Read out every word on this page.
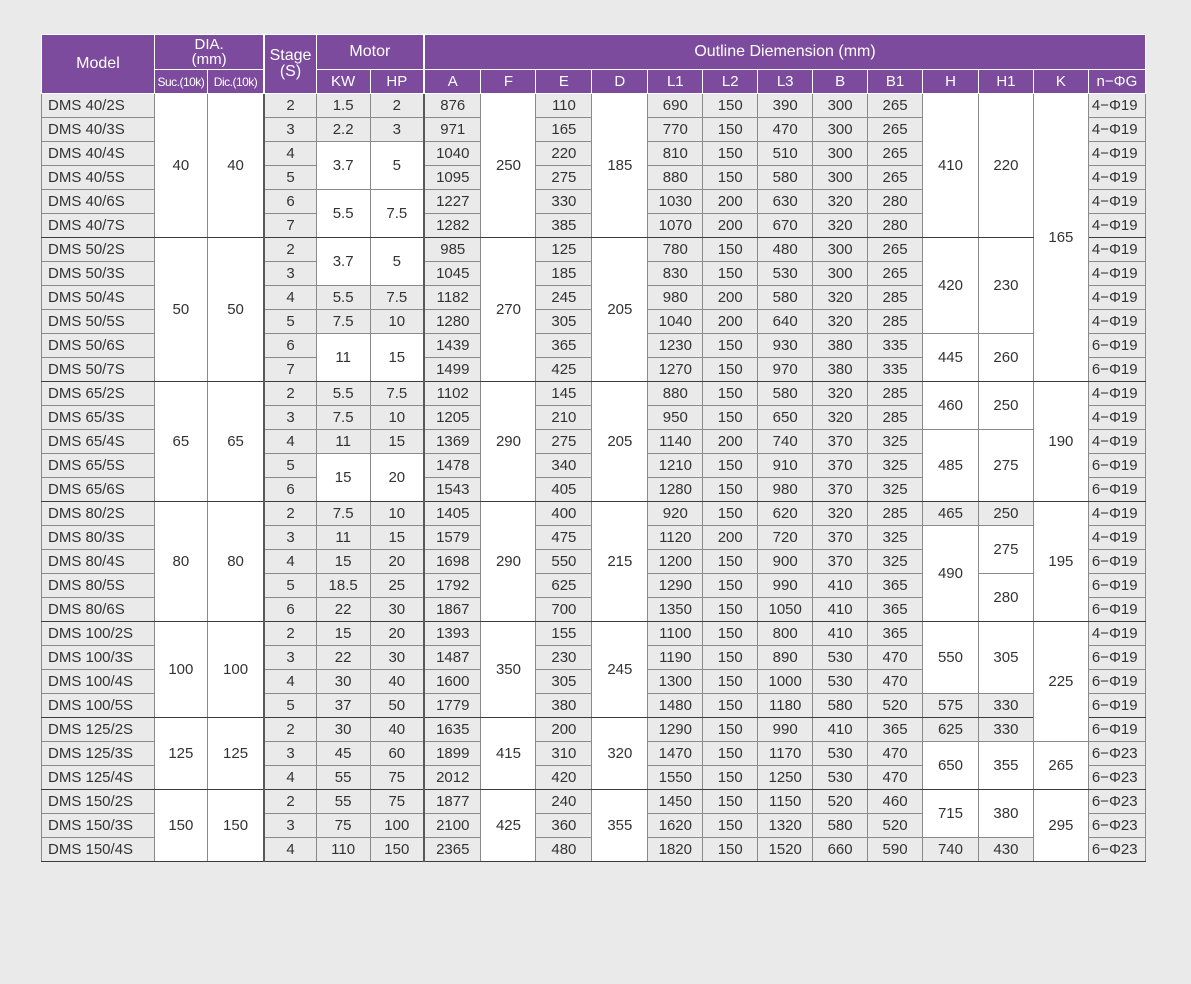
Model	DIA.
(mm)		Stage
(S)	Motor		Outline Diemension (mm)												
	Suc.(10k)	Dic.(10k)		KW	HP	A	F	E	D	L1	L2	L3	B	B1	H	H1	K	n−ΦG
DMS 40/2S	40	40	2	1.5	2	876	250	110	185	690	150	390	300	265	410	220	165	4−Φ19
DMS 40/3S			3	2.2	3	971		165		770	150	470	300	265				4−Φ19
DMS 40/4S			4	3.7	5	1040		220		810	150	510	300	265				4−Φ19
DMS 40/5S			5			1095		275		880	150	580	300	265				4−Φ19
DMS 40/6S			6	5.5	7.5	1227		330		1030	200	630	320	280				4−Φ19
DMS 40/7S			7			1282		385		1070	200	670	320	280				4−Φ19
DMS 50/2S	50	50	2	3.7	5	985	270	125	205	780	150	480	300	265	420	230		4−Φ19
DMS 50/3S			3			1045		185		830	150	530	300	265				4−Φ19
DMS 50/4S			4	5.5	7.5	1182		245		980	200	580	320	285				4−Φ19
DMS 50/5S			5	7.5	10	1280		305		1040	200	640	320	285				4−Φ19
DMS 50/6S			6	11	15	1439		365		1230	150	930	380	335	445	260		6−Φ19
DMS 50/7S			7			1499		425		1270	150	970	380	335				6−Φ19
DMS 65/2S	65	65	2	5.5	7.5	1102	290	145	205	880	150	580	320	285	460	250	190	4−Φ19
DMS 65/3S			3	7.5	10	1205		210		950	150	650	320	285				4−Φ19
DMS 65/4S			4	11	15	1369		275		1140	200	740	370	325	485	275		4−Φ19
DMS 65/5S			5	15	20	1478		340		1210	150	910	370	325				6−Φ19
DMS 65/6S			6			1543		405		1280	150	980	370	325				6−Φ19
DMS 80/2S	80	80	2	7.5	10	1405	290	400	215	920	150	620	320	285	465	250	195	4−Φ19
DMS 80/3S			3	11	15	1579		475		1120	200	720	370	325	490	275		4−Φ19
DMS 80/4S			4	15	20	1698		550		1200	150	900	370	325				6−Φ19
DMS 80/5S			5	18.5	25	1792		625		1290	150	990	410	365		280		6−Φ19
DMS 80/6S			6	22	30	1867		700		1350	150	1050	410	365				6−Φ19
DMS 100/2S	100	100	2	15	20	1393	350	155	245	1100	150	800	410	365	550	305	225	4−Φ19
DMS 100/3S			3	22	30	1487		230		1190	150	890	530	470				6−Φ19
DMS 100/4S			4	30	40	1600		305		1300	150	1000	530	470				6−Φ19
DMS 100/5S			5	37	50	1779		380		1480	150	1180	580	520	575	330		6−Φ19
DMS 125/2S	125	125	2	30	40	1635	415	200	320	1290	150	990	410	365	625	330		6−Φ19
DMS 125/3S			3	45	60	1899		310		1470	150	1170	530	470	650	355	265	6−Φ23
DMS 125/4S			4	55	75	2012		420		1550	150	1250	530	470				6−Φ23
DMS 150/2S	150	150	2	55	75	1877	425	240	355	1450	150	1150	520	460	715	380	295	6−Φ23
DMS 150/3S			3	75	100	2100		360		1620	150	1320	580	520				6−Φ23
DMS 150/4S			4	110	150	2365		480		1820	150	1520	660	590	740	430		6−Φ23
